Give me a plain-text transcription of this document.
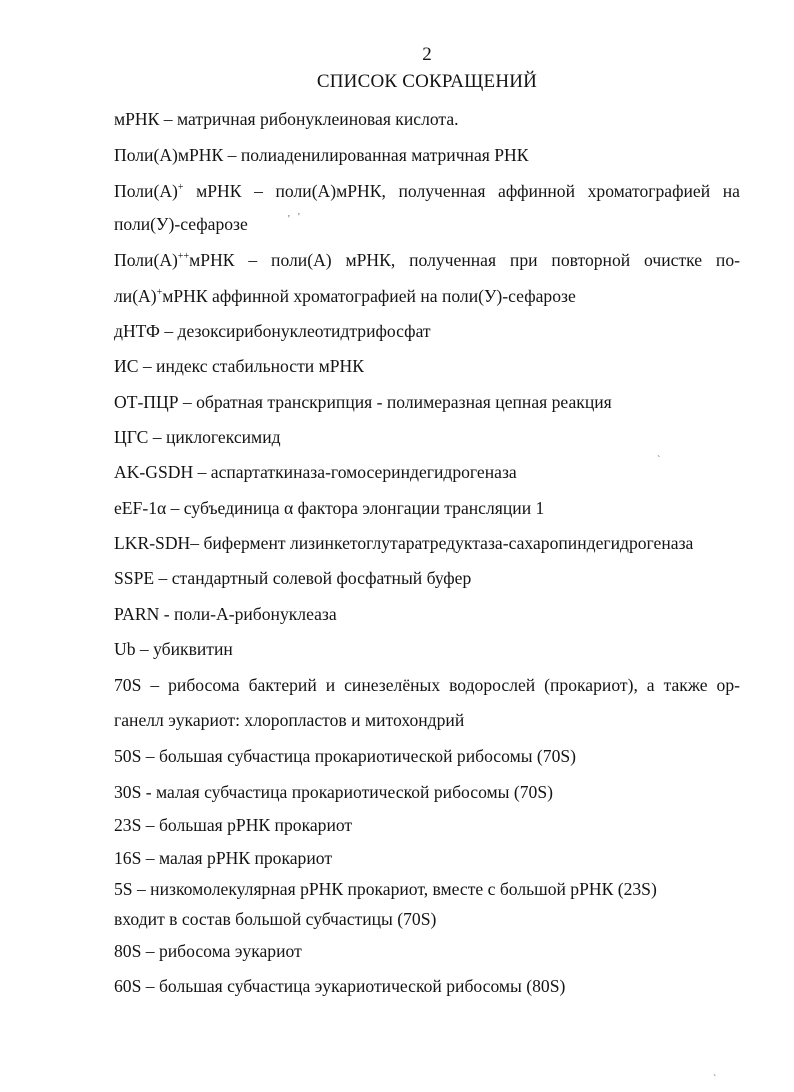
2
СПИСОК СОКРАЩЕНИЙ
мРНК – матричная рибонуклеиновая кислота.
Поли(А)мРНК – полиаденилированная матричная РНК
Поли(А)+ мРНК – поли(А)мРНК, полученная аффинной хроматографией на
поли(У)-сефарозе
Поли(А)++мРНК – поли(А) мРНК, полученная при повторной очистке по-
ли(А)+мРНК аффинной хроматографией на поли(У)-сефарозе
дНТФ – дезоксирибонуклеотидтрифосфат
ИС – индекс стабильности мРНК
ОТ-ПЦР – обратная транскрипция - полимеразная цепная реакция
ЦГС – циклогексимид
AK-GSDH – аспартаткиназа-гомосериндегидрогеназа
eEF-1α – субъединица α фактора элонгации трансляции 1
LKR-SDH– бифермент лизинкетоглутаратредуктаза-сахаропиндегидрогеназа
SSPE – стандартный солевой фосфатный буфер
PARN - поли-А-рибонуклеаза
Ub – убиквитин
70S – рибосома бактерий и синезелёных водорослей (прокариот), а также ор-
ганелл эукариот: хлоропластов и митохондрий
50S – большая субчастица прокариотической рибосомы (70S)
30S - малая субчастица прокариотической рибосомы (70S)
23S – большая рРНК прокариот
16S – малая рРНК прокариот
5S – низкомолекулярная рРНК прокариот, вместе с большой рРНК (23S)
входит в состав большой субчастицы (70S)
80S – рибосома эукариот
60S – большая субчастица эукариотической рибосомы (80S)
' '
`
`
